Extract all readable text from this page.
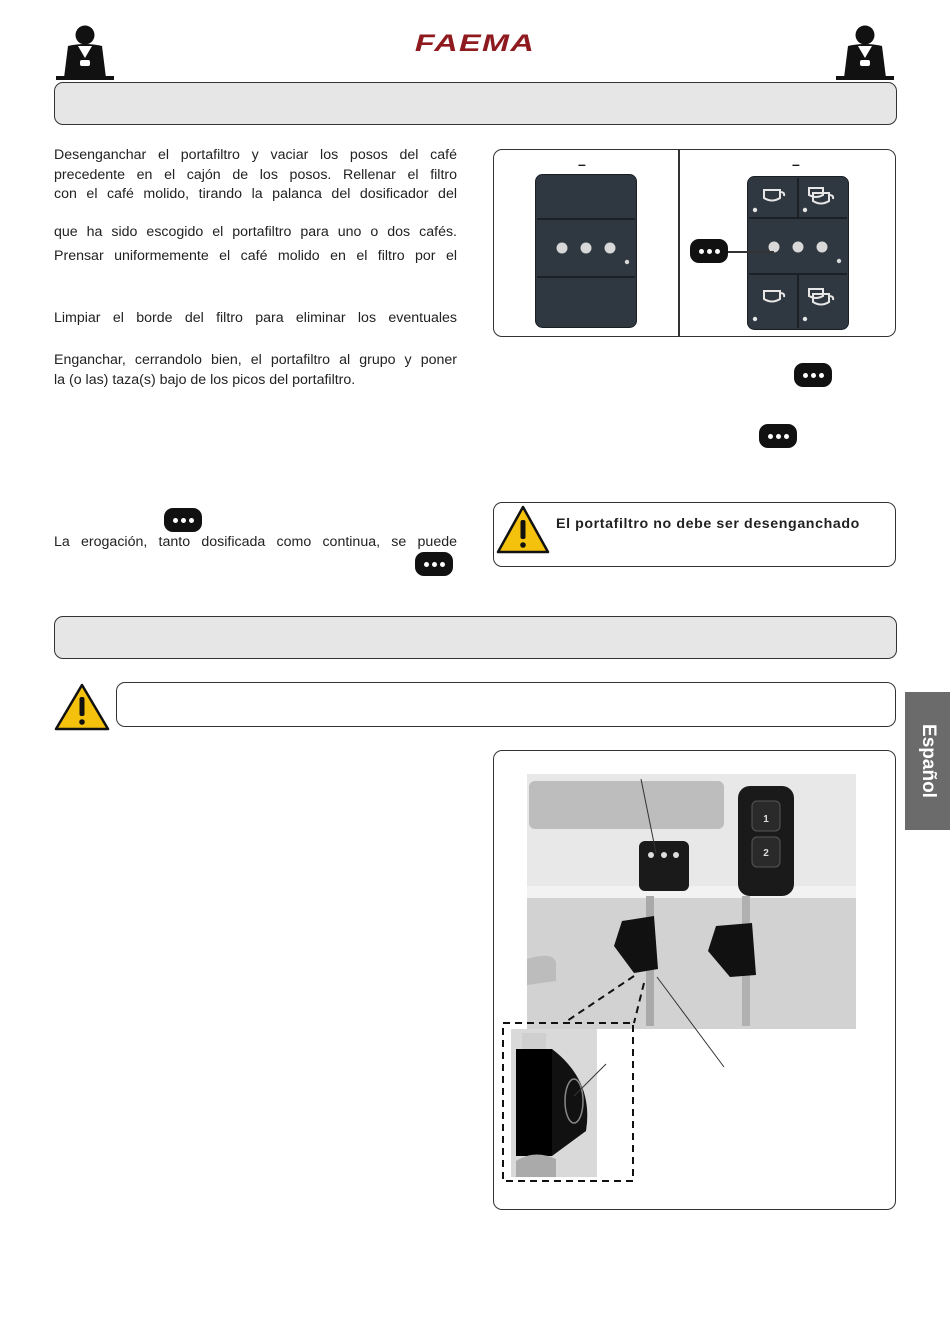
FAEMA
Desenganchar el portafiltro y vaciar los posos del café
precedente en el cajón de los posos. Rellenar el filtro
con el café molido, tirando la palanca del dosificador del
que ha sido escogido el portafiltro para uno o dos cafés.
Prensar uniformemente el café molido en el filtro por el
Limpiar el borde del filtro para eliminar los eventuales
Enganchar, cerrandolo bien, el portafiltro al grupo y poner
la (o las) taza(s) bajo de los picos del portafiltro.
La erogación, tanto dosificada como continua, se puede
–	–
El portafiltro no debe ser desenganchado
Español
1
2
